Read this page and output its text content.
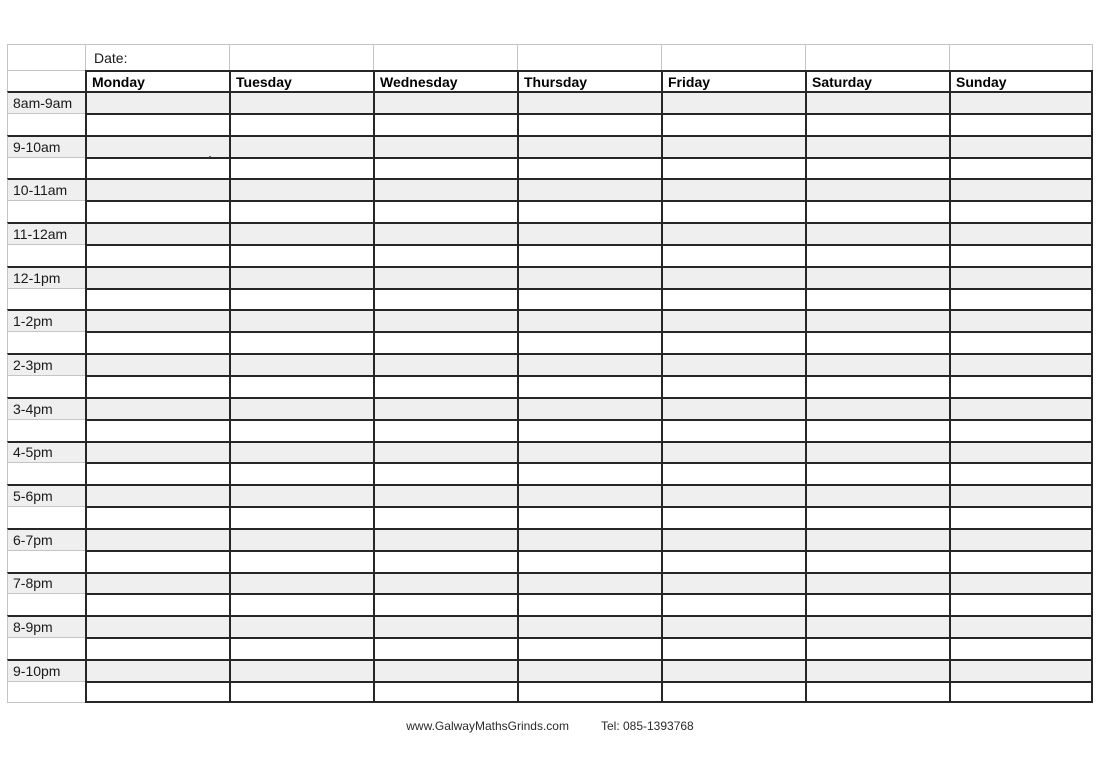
Date:
Monday	Tuesday	Wednesday	Thursday	Friday	Saturday	Sunday
8am-9am
9-10am
10-11am
11-12am
12-1pm
1-2pm
2-3pm
3-4pm
4-5pm
5-6pm
6-7pm
7-8pm
8-9pm
9-10pm
www.GalwayMathsGrinds.com	Tel: 085-1393768
